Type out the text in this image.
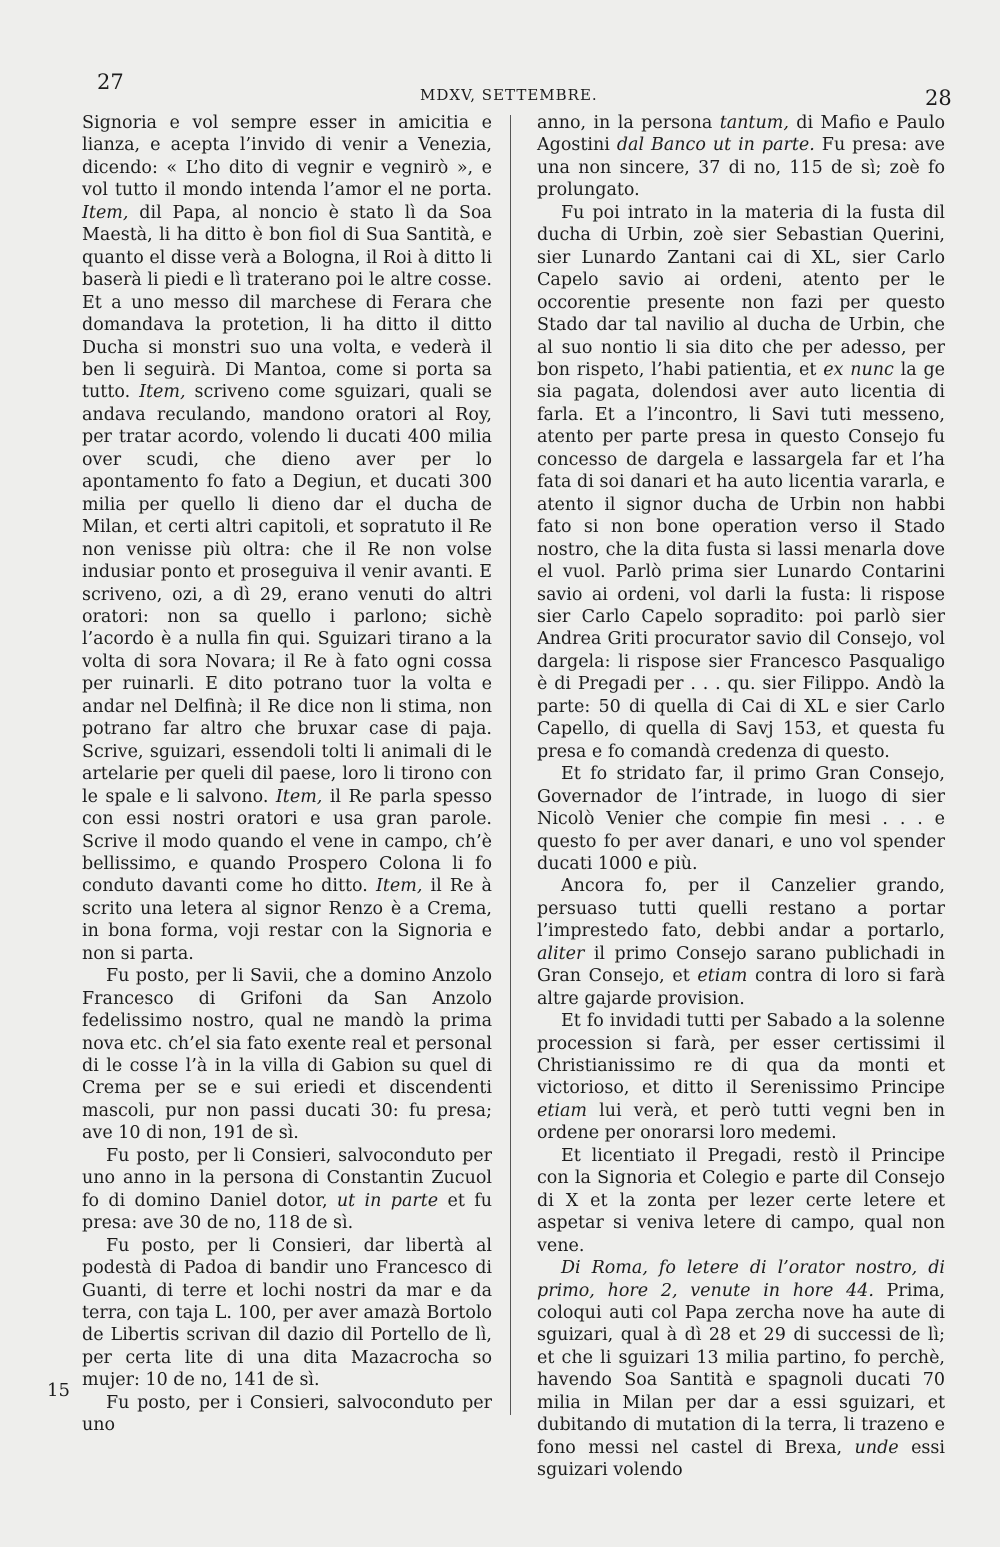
27
MDXV, SETTEMBRE.	28

Signoria e vol sempre esser in amicitia e lianza, e acepta l’invido di venir a Venezia, dicendo: « L’ho dito di vegnir e vegnirò », e vol tutto il mondo intenda l’amor el ne porta. Item, dil Papa, al noncio è stato lì da Soa Maestà, li ha ditto è bon fiol di Sua Santità, e quanto el disse verà a Bologna, il Roi à ditto li baserà li piedi e lì traterano poi le altre cosse. Et a uno messo dil marchese di Ferara che domandava la protetion, li ha ditto il ditto Ducha si monstri suo una volta, e vederà il ben li seguirà. Di Mantoa, come si porta sa tutto. Item, scriveno come sguizari, quali se andava reculando, mandono oratori al Roy, per tratar acordo, volendo li ducati 400 milia over scudi, che dieno aver per lo apontamento fo fato a Degiun, et ducati 300 milia per quello li dieno dar el ducha de Milan, et certi altri capitoli, et sopratuto il Re non venisse più oltra: che il Re non volse indusiar ponto et proseguiva il venir avanti. E scriveno, ozi, a dì 29, erano venuti do altri oratori: non sa quello i parlono; sichè l’acordo è a nulla fin qui. Sguizari tirano a la volta di sora Novara; il Re à fato ogni cossa per ruinarli. E dito potrano tuor la volta e andar nel Delfinà; il Re dice non li stima, non potrano far altro che bruxar case di paja. Scrive, sguizari, essendoli tolti li animali di le artelarie per queli dil paese, loro li tirono con le spale e li salvono. Item, il Re parla spesso con essi nostri oratori e usa gran parole. Scrive il modo quando el vene in campo, ch’è bellissimo, e quando Prospero Colona li fo conduto davanti come ho ditto. Item, il Re à scrito una letera al signor Renzo è a Crema, in bona forma, voji restar con la Signoria e non si parta.

Fu posto, per li Savii, che a domino Anzolo Francesco di Grifoni da San Anzolo fedelissimo nostro, qual ne mandò la prima nova etc. ch’el sia fato exente real et personal di le cosse l’à in la villa di Gabion su quel di Crema per se e sui eriedi et discendenti mascoli, pur non passi ducati 30: fu presa; ave 10 di non, 191 de sì.

Fu posto, per li Consieri, salvoconduto per uno anno in la persona di Constantin Zucuol fo di domino Daniel dotor, ut in parte et fu presa: ave 30 de no, 118 de sì.

Fu posto, per li Consieri, dar libertà al podestà di Padoa di bandir uno Francesco di Guanti, di terre et lochi nostri da mar e da terra, con taja L. 100, per aver amazà Bortolo de Libertis scrivan dil dazio dil Portello de lì, per certa lite di una dita Mazacrocha so mujer: 10 de no, 141 de sì.

Fu posto, per i Consieri, salvoconduto per uno

anno, in la persona tantum, di Mafio e Paulo Agostini dal Banco ut in parte. Fu presa: ave una non sincere, 37 di no, 115 de sì; zoè fo prolungato.

Fu poi intrato in la materia di la fusta dil ducha di Urbin, zoè sier Sebastian Querini, sier Lunardo Zantani cai di XL, sier Carlo Capelo savio ai ordeni, atento per le occorentie presente non fazi per questo Stado dar tal navilio al ducha de Urbin, che al suo nontio li sia dito che per adesso, per bon rispeto, l’habi patientia, et ex nunc la ge sia pagata, dolendosi aver auto licentia di farla. Et a l’incontro, li Savi tuti messeno, atento per parte presa in questo Consejo fu concesso de dargela e lassargela far et l’ha fata di soi danari et ha auto licentia vararla, e atento il signor ducha de Urbin non habbi fato si non bone operation verso il Stado nostro, che la dita fusta si lassi menarla dove el vuol. Parlò prima sier Lunardo Contarini savio ai ordeni, vol darli la fusta: li rispose sier Carlo Capelo sopradito: poi parlò sier Andrea Griti procurator savio dil Consejo, vol dargela: li rispose sier Francesco Pasqualigo è di Pregadi per . . . qu. sier Filippo. Andò la parte: 50 di quella di Cai di XL e sier Carlo Capello, di quella di Savj 153, et questa fu presa e fo comandà credenza di questo.

Et fo stridato far, il primo Gran Consejo, Governador de l’intrade, in luogo di sier Nicolò Venier che compie fin mesi . . . e questo fo per aver danari, e uno vol spender ducati 1000 e più.

Ancora fo, per il Canzelier grando, persuaso tutti quelli restano a portar l’imprestedo fato, debbi andar a portarlo, aliter il primo Consejo sarano publichadi in Gran Consejo, et etiam contra di loro si farà altre gajarde provision.

Et fo invidadi tutti per Sabado a la solenne procession si farà, per esser certissimi il Christianissimo re di qua da monti et victorioso, et ditto il Serenissimo Principe etiam lui verà, et però tutti vegni ben in ordene per onorarsi loro medemi.

Et licentiato il Pregadi, restò il Principe con la Signoria et Colegio e parte dil Consejo di X et la zonta per lezer certe letere et aspetar si veniva letere di campo, qual non vene.

Di Roma, fo letere di l’orator nostro, di primo, hore 2, venute in hore 44. Prima, coloqui auti col Papa zercha nove ha aute di sguizari, qual à dì 28 et 29 di successi de lì; et che li sguizari 13 milia partino, fo perchè, havendo Soa Santità e spagnoli ducati 70 milia in Milan per dar a essi sguizari, et dubitando di mutation di la terra, li trazeno e fono messi nel castel di Brexa, unde essi sguizari volendo

15
